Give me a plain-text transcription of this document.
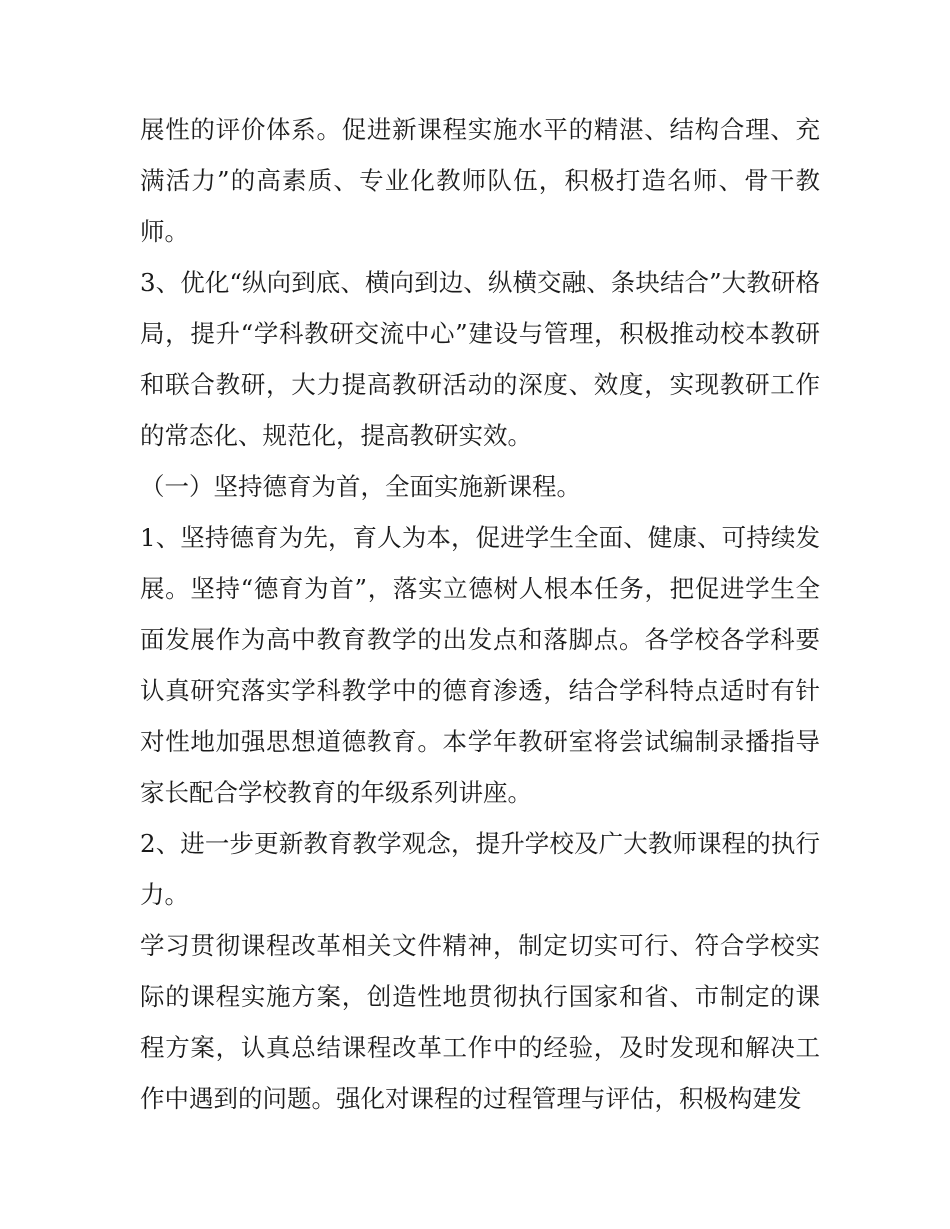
展性的评价体系。促进新课程实施水平的精湛、结构合理、充满活力”的高素质、专业化教师队伍，积极打造名师、骨干教师。

3、优化“纵向到底、横向到边、纵横交融、条块结合”大教研格局，提升“学科教研交流中心”建设与管理，积极推动校本教研和联合教研，大力提高教研活动的深度、效度，实现教研工作的常态化、规范化，提高教研实效。

（一）坚持德育为首，全面实施新课程。

1、坚持德育为先，育人为本，促进学生全面、健康、可持续发展。坚持“德育为首”，落实立德树人根本任务，把促进学生全面发展作为高中教育教学的出发点和落脚点。各学校各学科要认真研究落实学科教学中的德育渗透，结合学科特点适时有针对性地加强思想道德教育。本学年教研室将尝试编制录播指导家长配合学校教育的年级系列讲座。

2、进一步更新教育教学观念，提升学校及广大教师课程的执行力。

学习贯彻课程改革相关文件精神，制定切实可行、符合学校实际的课程实施方案，创造性地贯彻执行国家和省、市制定的课程方案，认真总结课程改革工作中的经验，及时发现和解决工作中遇到的问题。强化对课程的过程管理与评估，积极构建发
